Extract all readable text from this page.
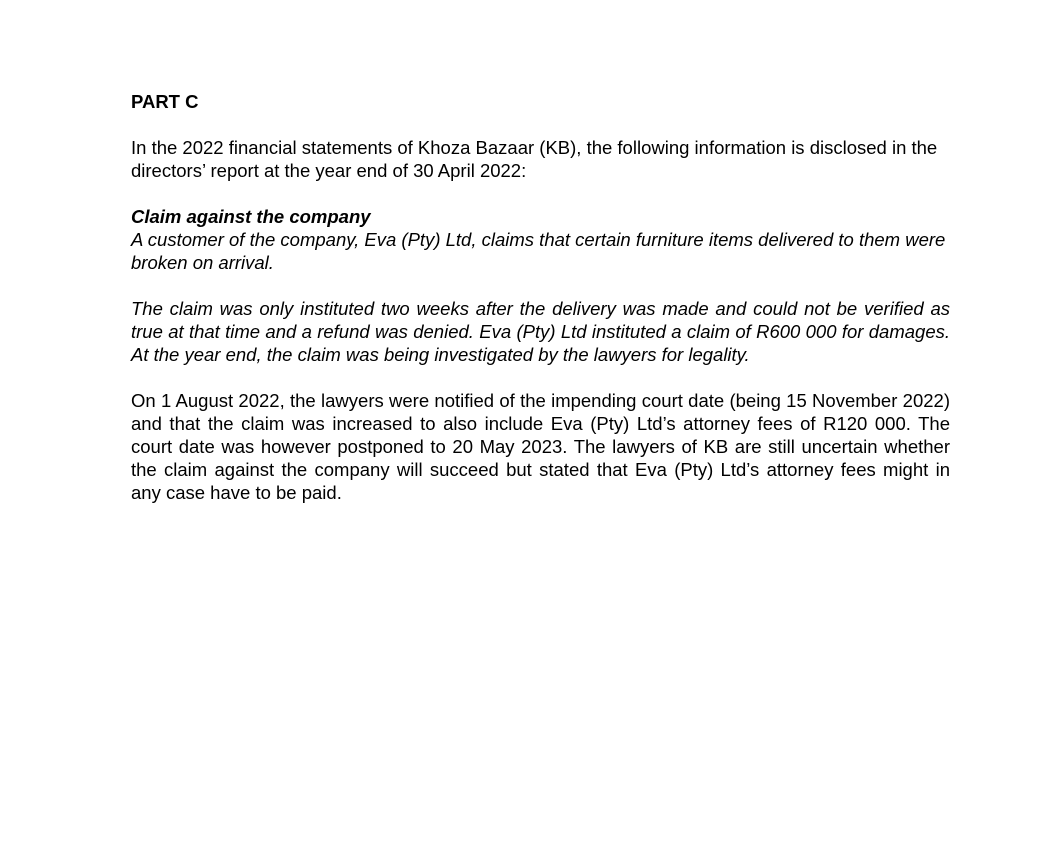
PART C

In the 2022 financial statements of Khoza Bazaar (KB), the following information is disclosed in the directors’ report at the year end of 30 April 2022:

Claim against the company

A customer of the company, Eva (Pty) Ltd, claims that certain furniture items delivered to them were broken on arrival.

The claim was only instituted two weeks after the delivery was made and could not be verified as true at that time and a refund was denied. Eva (Pty) Ltd instituted a claim of R600 000 for damages. At the year end, the claim was being investigated by the lawyers for legality.

On 1 August 2022, the lawyers were notified of the impending court date (being 15 November 2022) and that the claim was increased to also include Eva (Pty) Ltd’s attorney fees of R120 000. The court date was however postponed to 20 May 2023. The lawyers of KB are still uncertain whether the claim against the company will succeed but stated that Eva (Pty) Ltd’s attorney fees might in any case have to be paid.
